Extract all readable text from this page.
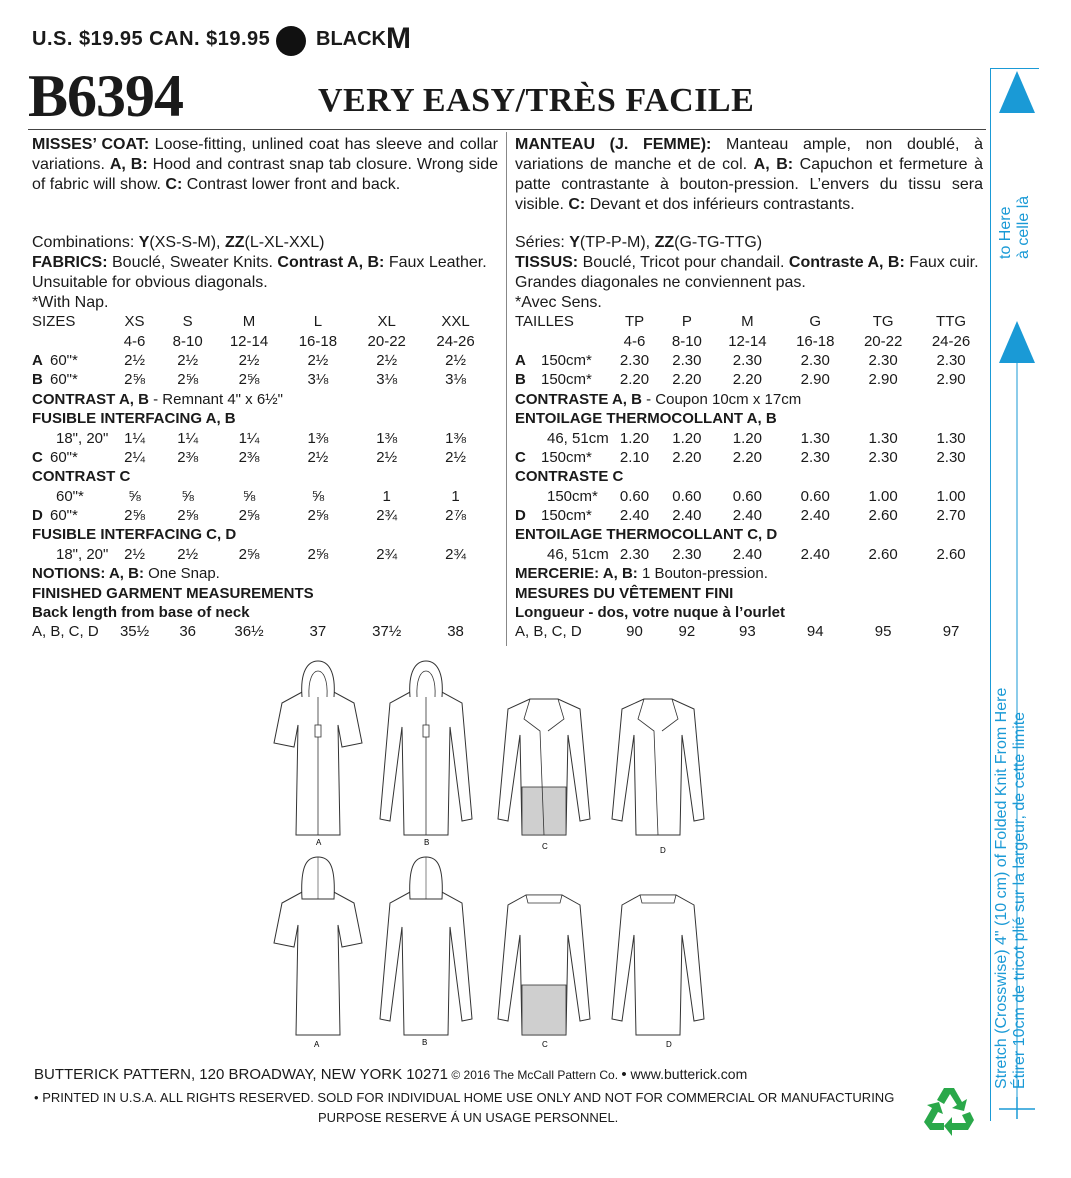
U.S. $19.95 CAN. $19.95 BLACK M
B6394	VERY EASY/TRÈS FACILE
MISSES’ COAT: Loose-fitting, unlined coat has sleeve and collar variations. A, B: Hood and contrast snap tab closure. Wrong side of fabric will show. C: Contrast lower front and back.
Combinations: Y(XS-S-M), ZZ(L-XL-XXL)
FABRICS: Bouclé, Sweater Knits. Contrast A, B: Faux Leather.
Unsuitable for obvious diagonals.
*With Nap.
SIZES		XS	S	M	L	XL	XXL
		4-6	8-10	12-14	16-18	20-22	24-26
A	60"*	2½	2½	2½	2½	2½	2½
B	60"*	2⅝	2⅝	2⅝	3⅛	3⅛	3⅛
CONTRAST A, B - Remnant 4" x 6½"							
FUSIBLE INTERFACING A, B							
	18", 20"	1¼	1¼	1¼	1⅜	1⅜	1⅜
C	60"*	2¼	2⅜	2⅜	2½	2½	2½
CONTRAST C							
	60"*	⅝	⅝	⅝	⅝	1	1
D	60"*	2⅝	2⅝	2⅝	2⅝	2¾	2⅞
FUSIBLE INTERFACING C, D							
	18", 20"	2½	2½	2⅝	2⅝	2¾	2¾
NOTIONS: A, B: One Snap.							
FINISHED GARMENT MEASUREMENTS							
Back length from base of neck							
A, B, C, D		35½	36	36½	37	37½	38
MANTEAU (J. FEMME): Manteau ample, non doublé, à variations de manche et de col. A, B: Capuchon et fermeture à patte contrastante à bouton-pression. L’envers du tissu sera visible. C: Devant et dos inférieurs contrastants.
Séries: Y(TP-P-M), ZZ(G-TG-TTG)
TISSUS: Bouclé, Tricot pour chandail. Contraste A, B: Faux cuir.
Grandes diagonales ne conviennent pas.
*Avec Sens.
TAILLES		TP	P	M	G	TG	TTG
		4-6	8-10	12-14	16-18	20-22	24-26
A	150cm*	2.30	2.30	2.30	2.30	2.30	2.30
B	150cm*	2.20	2.20	2.20	2.90	2.90	2.90
CONTRASTE A, B - Coupon 10cm x 17cm							
ENTOILAGE THERMOCOLLANT A, B							
	46, 51cm	1.20	1.20	1.20	1.30	1.30	1.30
C	150cm*	2.10	2.20	2.20	2.30	2.30	2.30
CONTRASTE C							
	150cm*	0.60	0.60	0.60	0.60	1.00	1.00
D	150cm*	2.40	2.40	2.40	2.40	2.60	2.70
ENTOILAGE THERMOCOLLANT C, D							
	46, 51cm	2.30	2.30	2.40	2.40	2.60	2.60
MERCERIE: A, B: 1 Bouton-pression.							
MESURES DU VÊTEMENT FINI							
Longueur - dos, votre nuque à l’ourlet							
A, B, C, D		90	92	93	94	95	97
A	B	C	D
A	B	C	D
to Here à celle là
Stretch (Crosswise) 4" (10 cm) of Folded Knit From Here Étirer 10cm de tricot plié sur la largeur, de cette limite
BUTTERICK PATTERN, 120 BROADWAY, NEW YORK 10271 © 2016 The McCall Pattern Co. • www.butterick.com
• PRINTED IN U.S.A. ALL RIGHTS RESERVED. SOLD FOR INDIVIDUAL HOME USE ONLY AND NOT FOR COMMERCIAL OR MANUFACTURING
PURPOSE RESERVE Á UN USAGE PERSONNEL.
